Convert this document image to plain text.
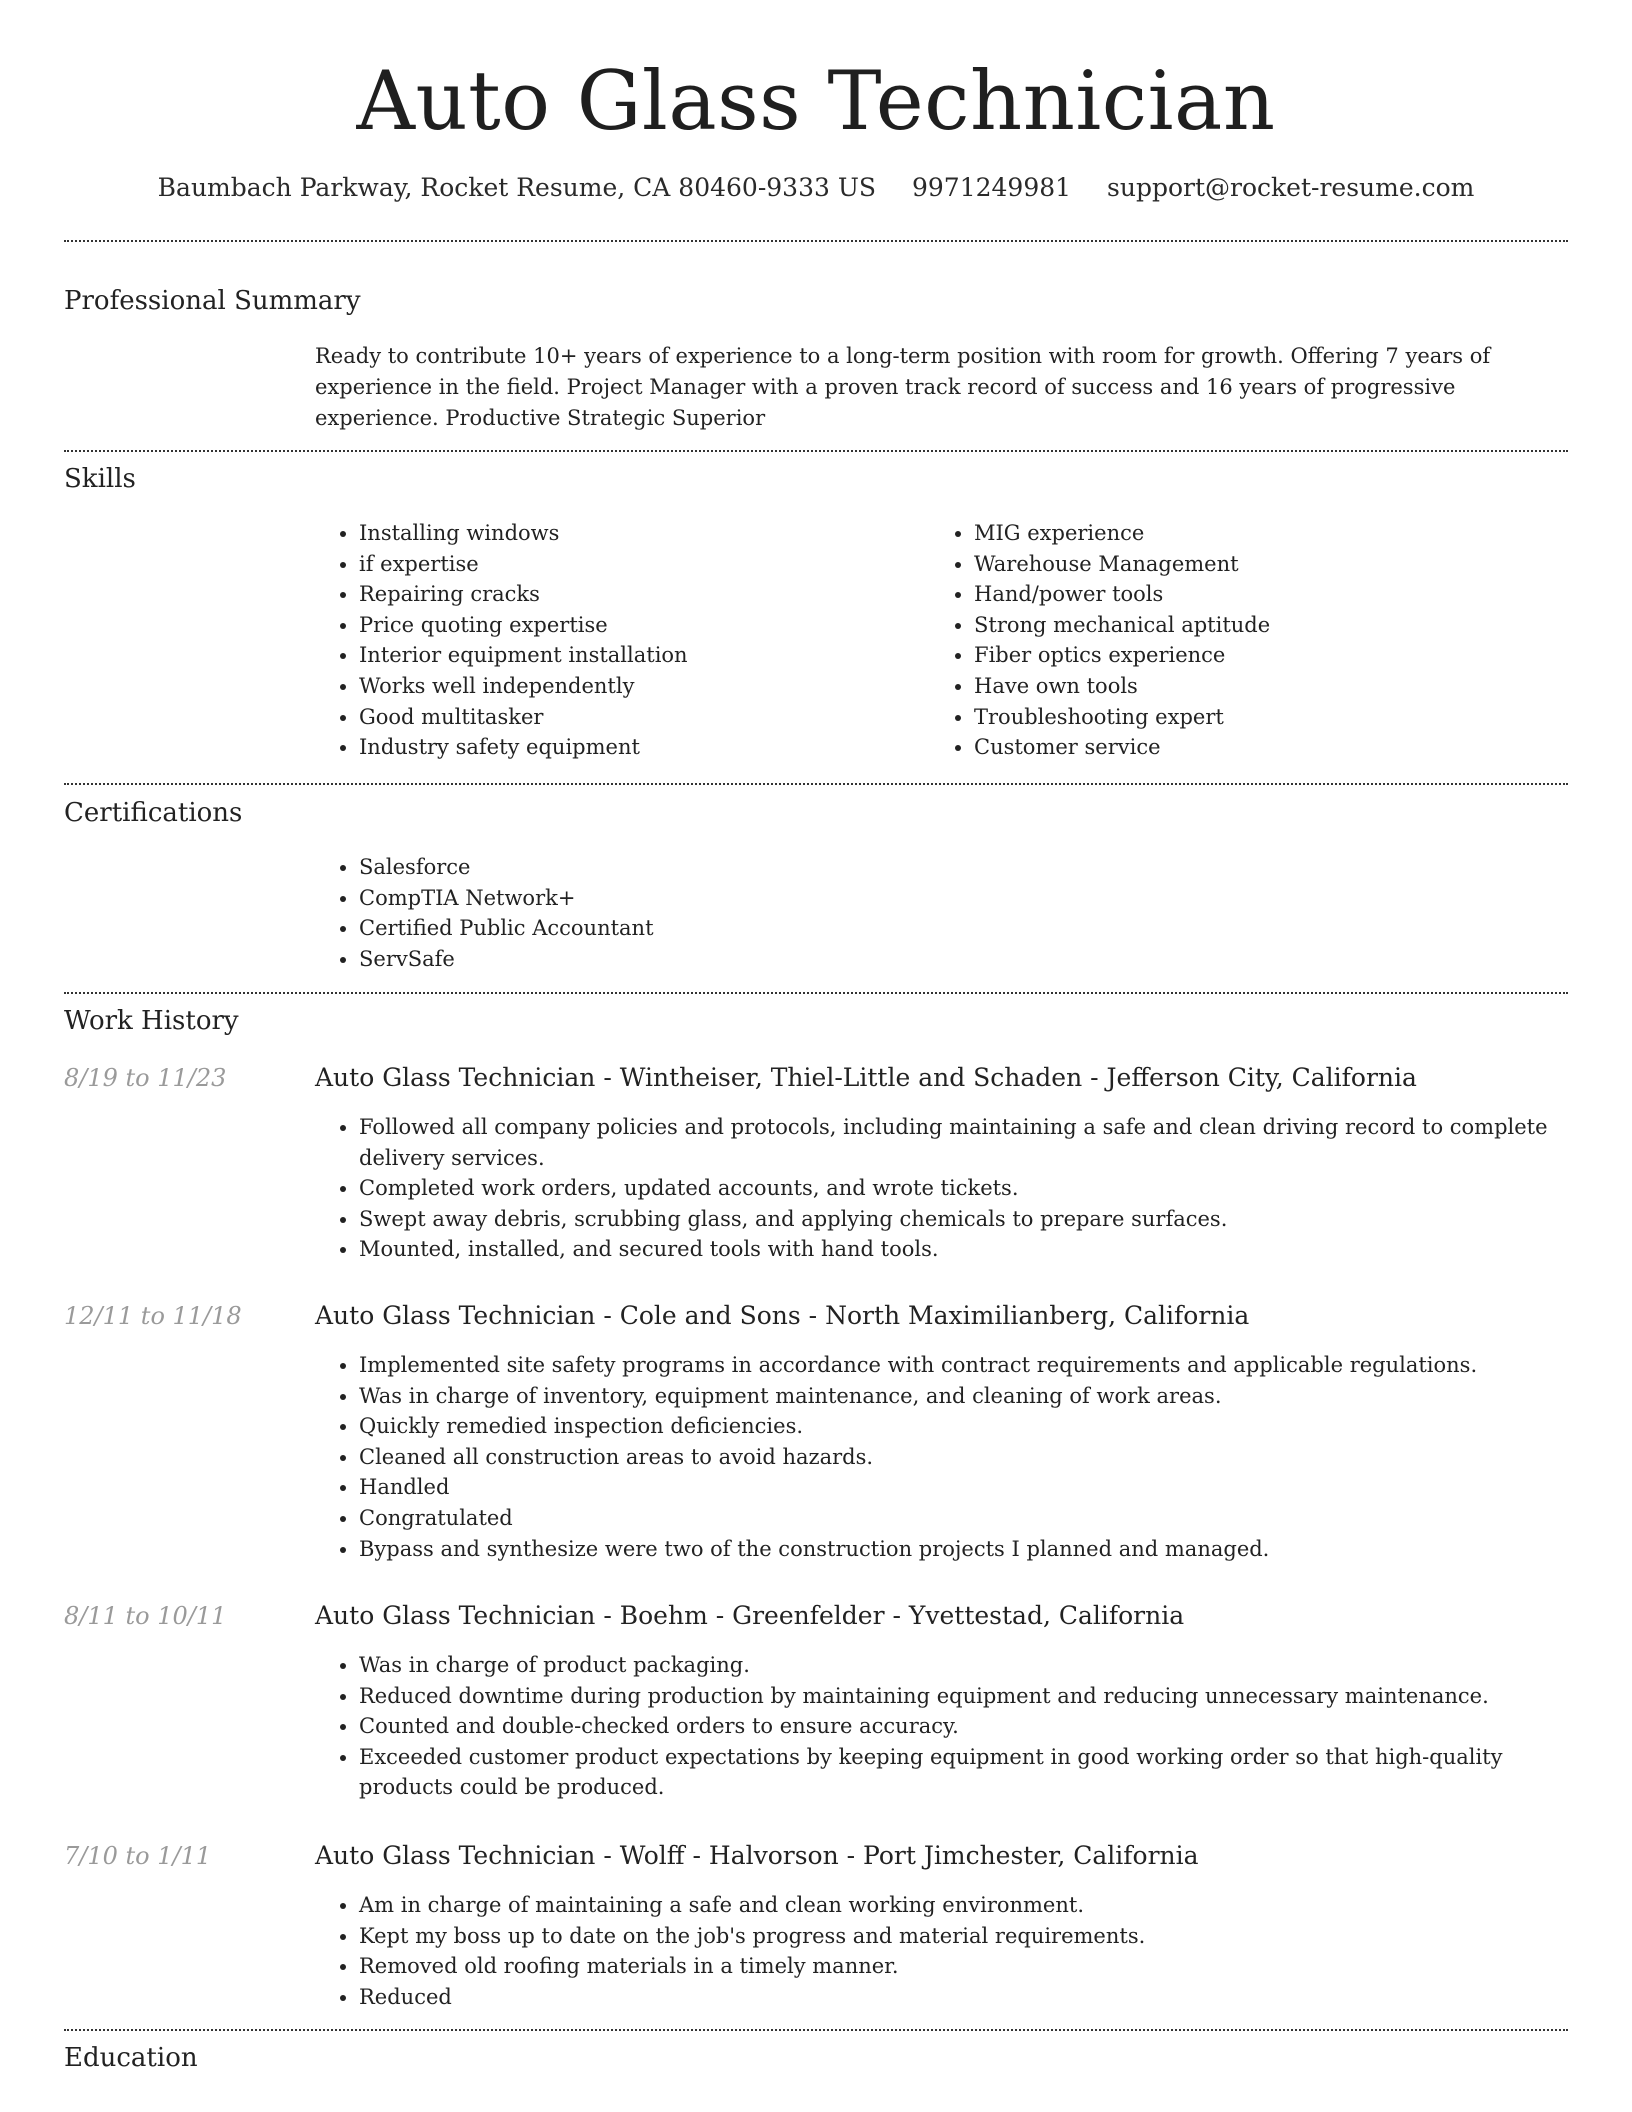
Auto Glass Technician
Baumbach Parkway, Rocket Resume, CA 80460-9333 US 9971249981 support@rocket-resume.com
Professional Summary

Ready to contribute 10+ years of experience to a long-term position with room for growth. Offering 7 years of experience in the field. Project Manager with a proven track record of success and 16 years of progressive experience. Productive Strategic Superior

Skills
• Installing windows
• if expertise
• Repairing cracks
• Price quoting expertise
• Interior equipment installation
• Works well independently
• Good multitasker
• Industry safety equipment
• MIG experience
• Warehouse Management
• Hand/power tools
• Strong mechanical aptitude
• Fiber optics experience
• Have own tools
• Troubleshooting expert
• Customer service
Certifications
• Salesforce
• CompTIA Network+
• Certified Public Accountant
• ServSafe
Work History
8/19 to 11/23	Auto Glass Technician - Wintheiser, Thiel-Little and Schaden - Jefferson City, California
• Followed all company policies and protocols, including maintaining a safe and clean driving record to complete delivery services.
• Completed work orders, updated accounts, and wrote tickets.
• Swept away debris, scrubbing glass, and applying chemicals to prepare surfaces.
• Mounted, installed, and secured tools with hand tools.
12/11 to 11/18	Auto Glass Technician - Cole and Sons - North Maximilianberg, California
• Implemented site safety programs in accordance with contract requirements and applicable regulations.
• Was in charge of inventory, equipment maintenance, and cleaning of work areas.
• Quickly remedied inspection deficiencies.
• Cleaned all construction areas to avoid hazards.
• Handled
• Congratulated
• Bypass and synthesize were two of the construction projects I planned and managed.
8/11 to 10/11	Auto Glass Technician - Boehm - Greenfelder - Yvettestad, California
• Was in charge of product packaging.
• Reduced downtime during production by maintaining equipment and reducing unnecessary maintenance.
• Counted and double-checked orders to ensure accuracy.
• Exceeded customer product expectations by keeping equipment in good working order so that high-quality products could be produced.
7/10 to 1/11	Auto Glass Technician - Wolff - Halvorson - Port Jimchester, California
• Am in charge of maintaining a safe and clean working environment.
• Kept my boss up to date on the job's progress and material requirements.
• Removed old roofing materials in a timely manner.
• Reduced
Education
